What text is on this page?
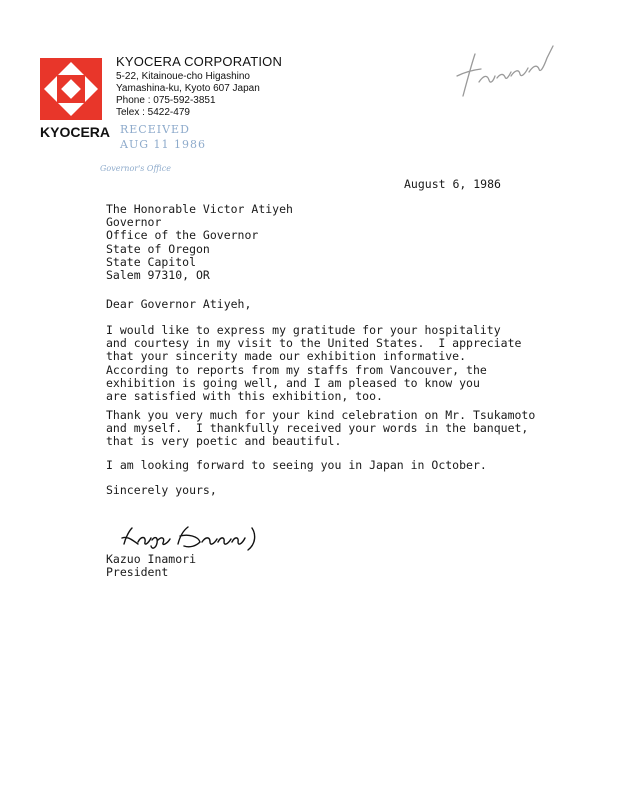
KYOCERA
KYOCERA CORPORATION
5-22, Kitainoue-cho Higashino
Yamashina-ku, Kyoto 607 Japan
Phone : 075-592-3851
Telex : 5422-479
RECEIVED
AUG 11 1986
Governor's Office
August 6, 1986
The Honorable Victor Atiyeh
Governor
Office of the Governor
State of Oregon
State Capitol
Salem 97310, OR
Dear Governor Atiyeh,
I would like to express my gratitude for your hospitality
and courtesy in my visit to the United States.  I appreciate
that your sincerity made our exhibition informative.
According to reports from my staffs from Vancouver, the
exhibition is going well, and I am pleased to know you
are satisfied with this exhibition, too.
Thank you very much for your kind celebration on Mr. Tsukamoto
and myself.  I thankfully received your words in the banquet,
that is very poetic and beautiful.
I am looking forward to seeing you in Japan in October.
Sincerely yours,
Kazuo Inamori
President
